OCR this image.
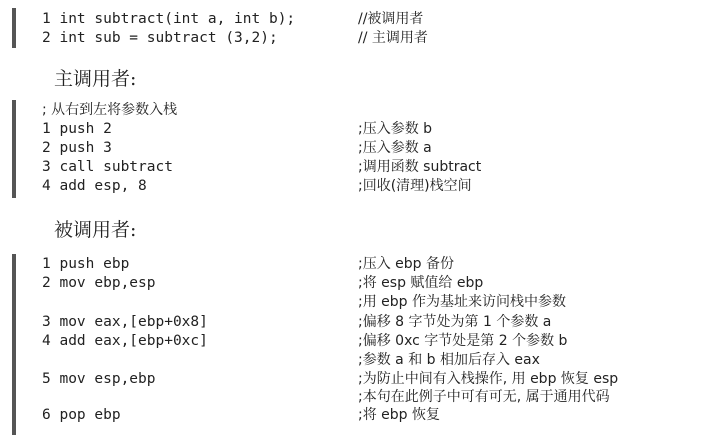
1 int subtract(int a, int b);	//被调用者
2 int sub = subtract (3,2);	// 主调用者
主调用者:
; 从右到左将参数入栈
1 push 2	;压入参数 b
2 push 3	;压入参数 a
3 call subtract	;调用函数 subtract
4 add esp, 8	;回收(清理)栈空间
被调用者:
1 push ebp	;压入 ebp 备份
2 mov ebp,esp	;将 esp 赋值给 ebp
;用 ebp 作为基址来访问栈中参数
3 mov eax,[ebp+0x8]	;偏移 8 字节处为第 1 个参数 a
4 add eax,[ebp+0xc]	;偏移 0xc 字节处是第 2 个参数 b
;参数 a 和 b 相加后存入 eax
5 mov esp,ebp	;为防止中间有入栈操作, 用 ebp 恢复 esp
;本句在此例子中可有可无, 属于通用代码
6 pop ebp	;将 ebp 恢复
